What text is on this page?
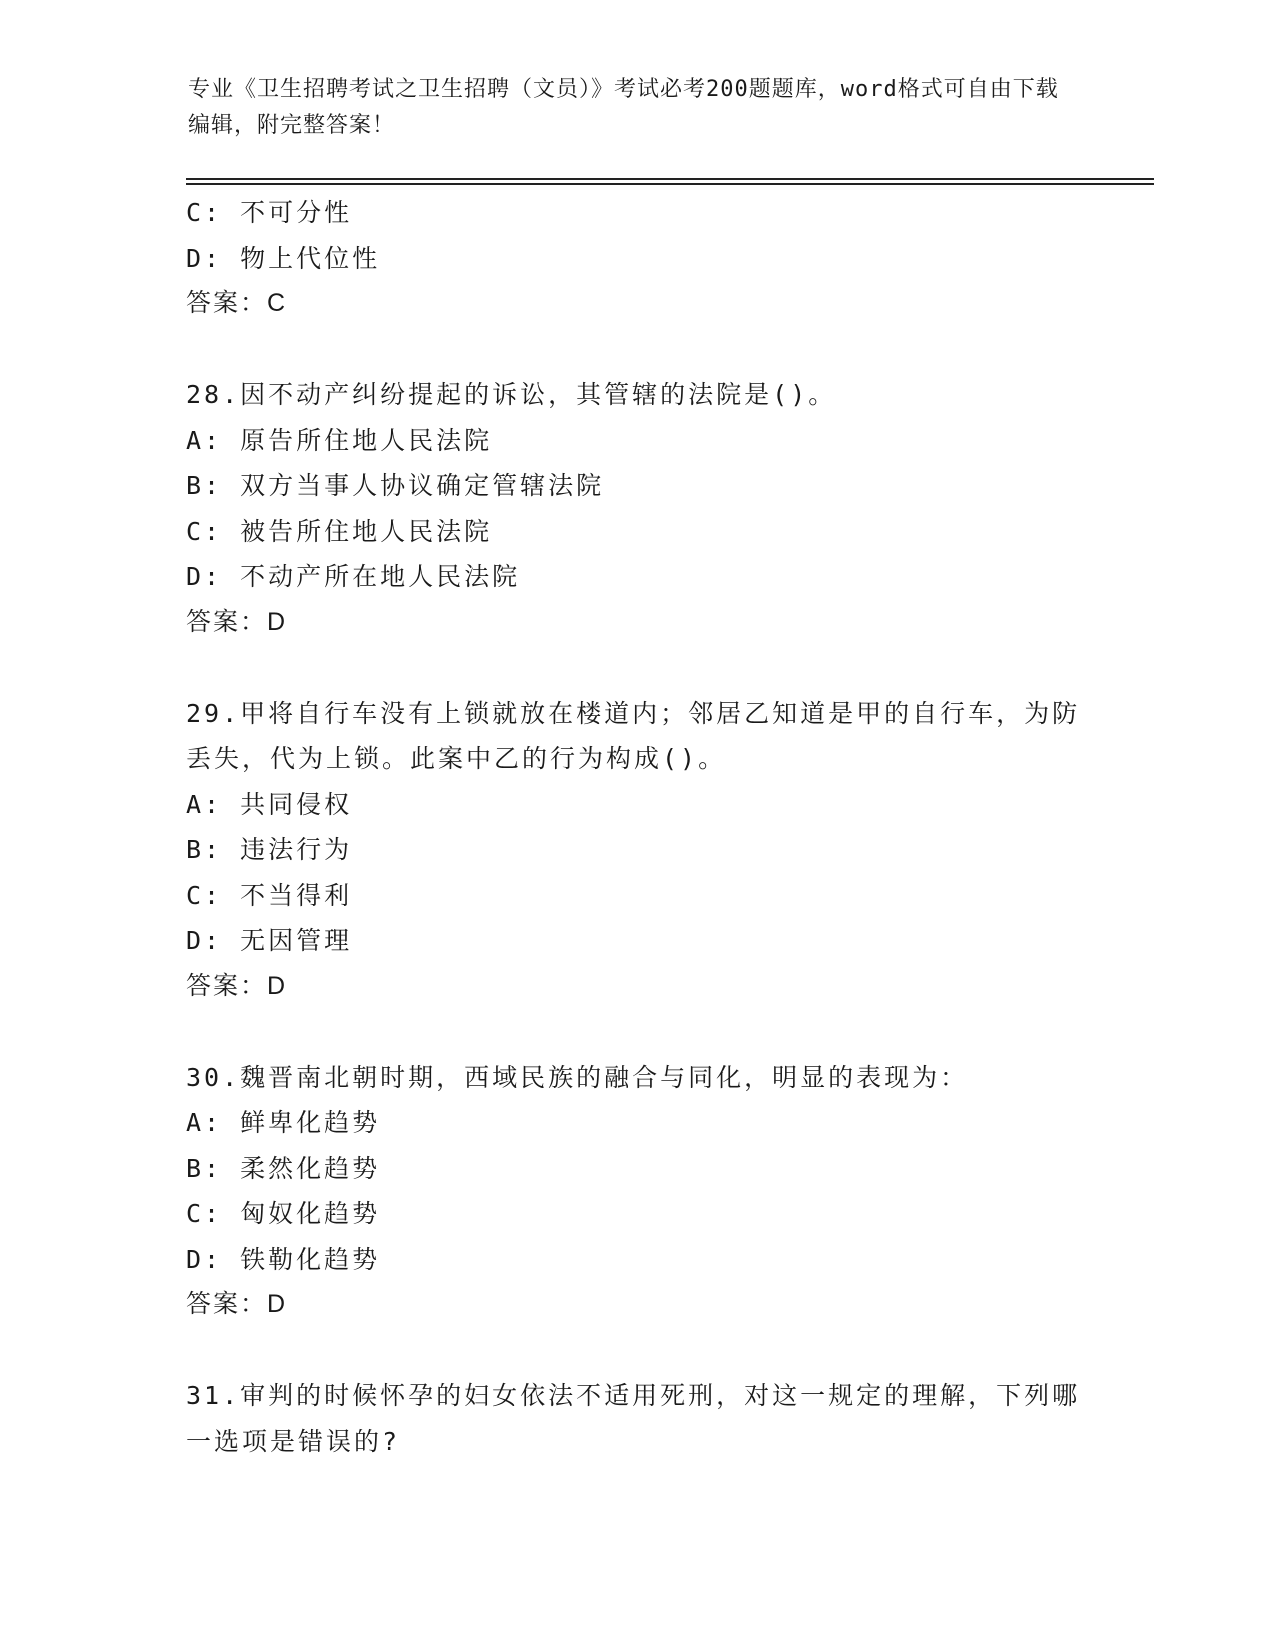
专业《卫生招聘考试之卫生招聘（文员）》考试必考200题题库，word格式可自由下载编辑，附完整答案！
C: 不可分性
D: 物上代位性
答案：C
28.因不动产纠纷提起的诉讼，其管辖的法院是()。
A: 原告所住地人民法院
B: 双方当事人协议确定管辖法院
C: 被告所住地人民法院
D: 不动产所在地人民法院
答案：D
29.甲将自行车没有上锁就放在楼道内；邻居乙知道是甲的自行车，为防丢失，代为上锁。此案中乙的行为构成()。
A: 共同侵权
B: 违法行为
C: 不当得利
D: 无因管理
答案：D
30.魏晋南北朝时期，西域民族的融合与同化，明显的表现为：
A: 鲜卑化趋势
B: 柔然化趋势
C: 匈奴化趋势
D: 铁勒化趋势
答案：D
31.审判的时候怀孕的妇女依法不适用死刑，对这一规定的理解，下列哪一选项是错误的?
